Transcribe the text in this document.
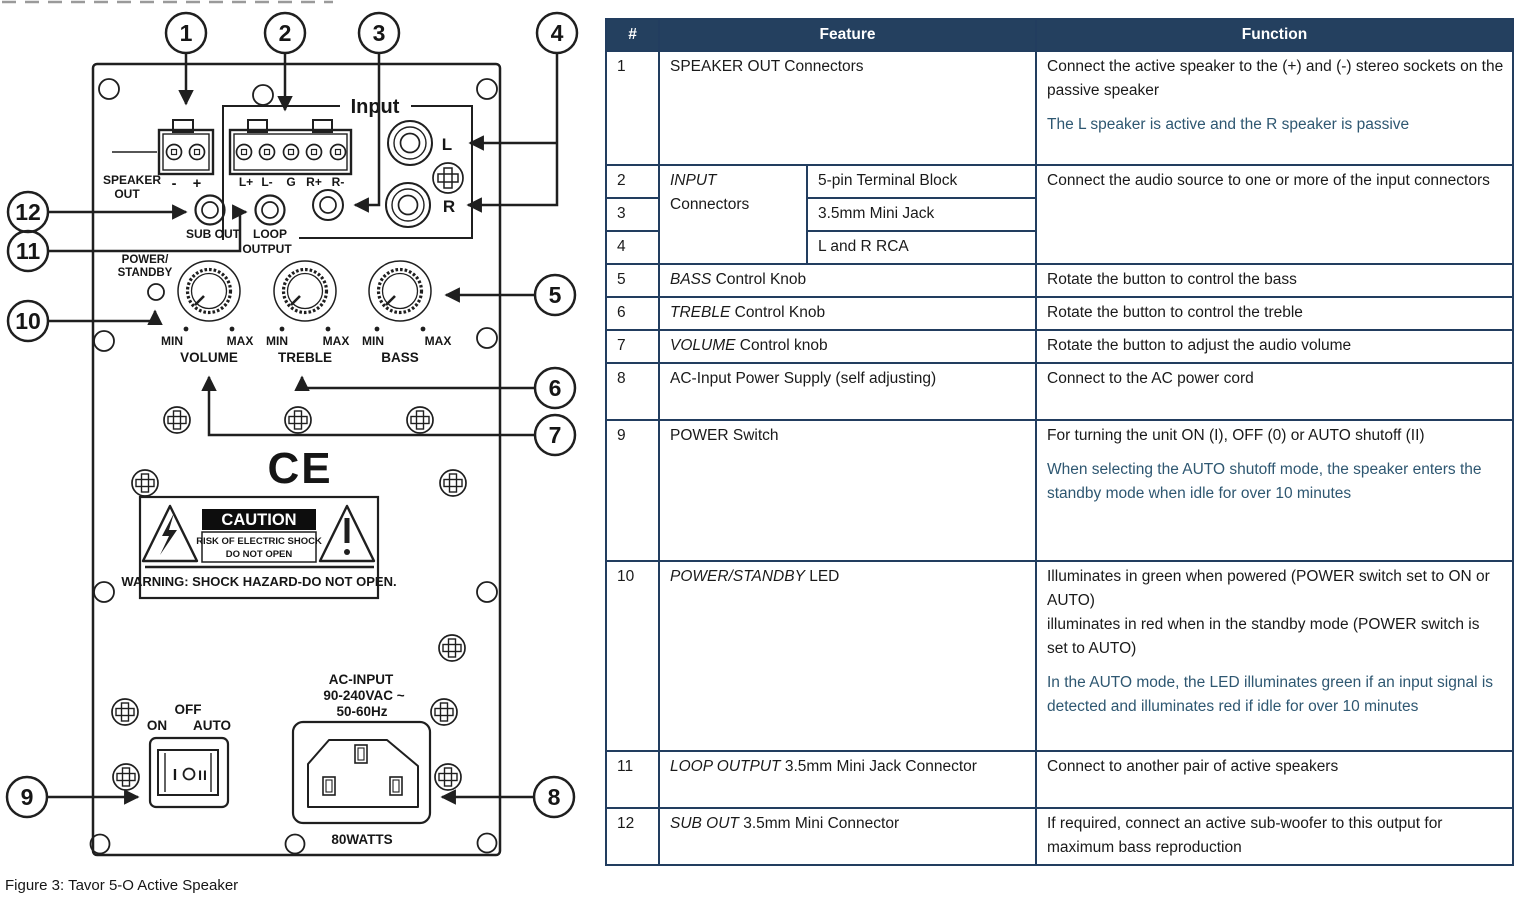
SPEAKER
OUT
- +
Input
L+ L- G R+ R-
SUB OUT LOOP
OUTPUT
L
R
POWER/
STANDBY
MIN	MAX MIN	MAX MIN	MAX
VOLUME	TREBLE	BASS
CE
CAUTION
RISK OF ELECTRIC SHOCK
DO NOT OPEN
WARNING: SHOCK HAZARD-DO NOT OPEN.
OFF
ON AUTO
I II
AC-INPUT
90-240VAC ~
50-60Hz
80WATTS
1	2	3	4
5
6
7
8
9
10
11
12
Figure 3: Tavor 5-O Active Speaker
#	Feature		Function
1	SPEAKER OUT Connectors		Connect the active speaker to the (+) and (-) stereo sockets on the passive speaker

The L speaker is active and the R speaker is passive

2	INPUT Connectors	5-pin Terminal Block	Connect the audio source to one or more of the input connectors
3		3.5mm Mini Jack	
4		L and R RCA	
5	BASS Control Knob		Rotate the button to control the bass
6	TREBLE Control Knob		Rotate the button to control the treble
7	VOLUME Control knob		Rotate the button to adjust the audio volume
8	AC-Input Power Supply (self adjusting)		Connect to the AC power cord
9	POWER Switch		For turning the unit ON (I), OFF (0) or AUTO shutoff (II)

When selecting the AUTO shutoff mode, the speaker enters the standby mode when idle for over 10 minutes

10	POWER/STANDBY LED		Illuminates in green when powered (POWER switch set to ON or AUTO)

illuminates in red when in the standby mode (POWER switch is set to AUTO)

In the AUTO mode, the LED illuminates green if an input signal is detected and illuminates red if idle for over 10 minutes

11	LOOP OUTPUT 3.5mm Mini Jack Connector		Connect to another pair of active speakers
12	SUB OUT 3.5mm Mini Connector		If required, connect an active sub-woofer to this output for maximum bass reproduction
